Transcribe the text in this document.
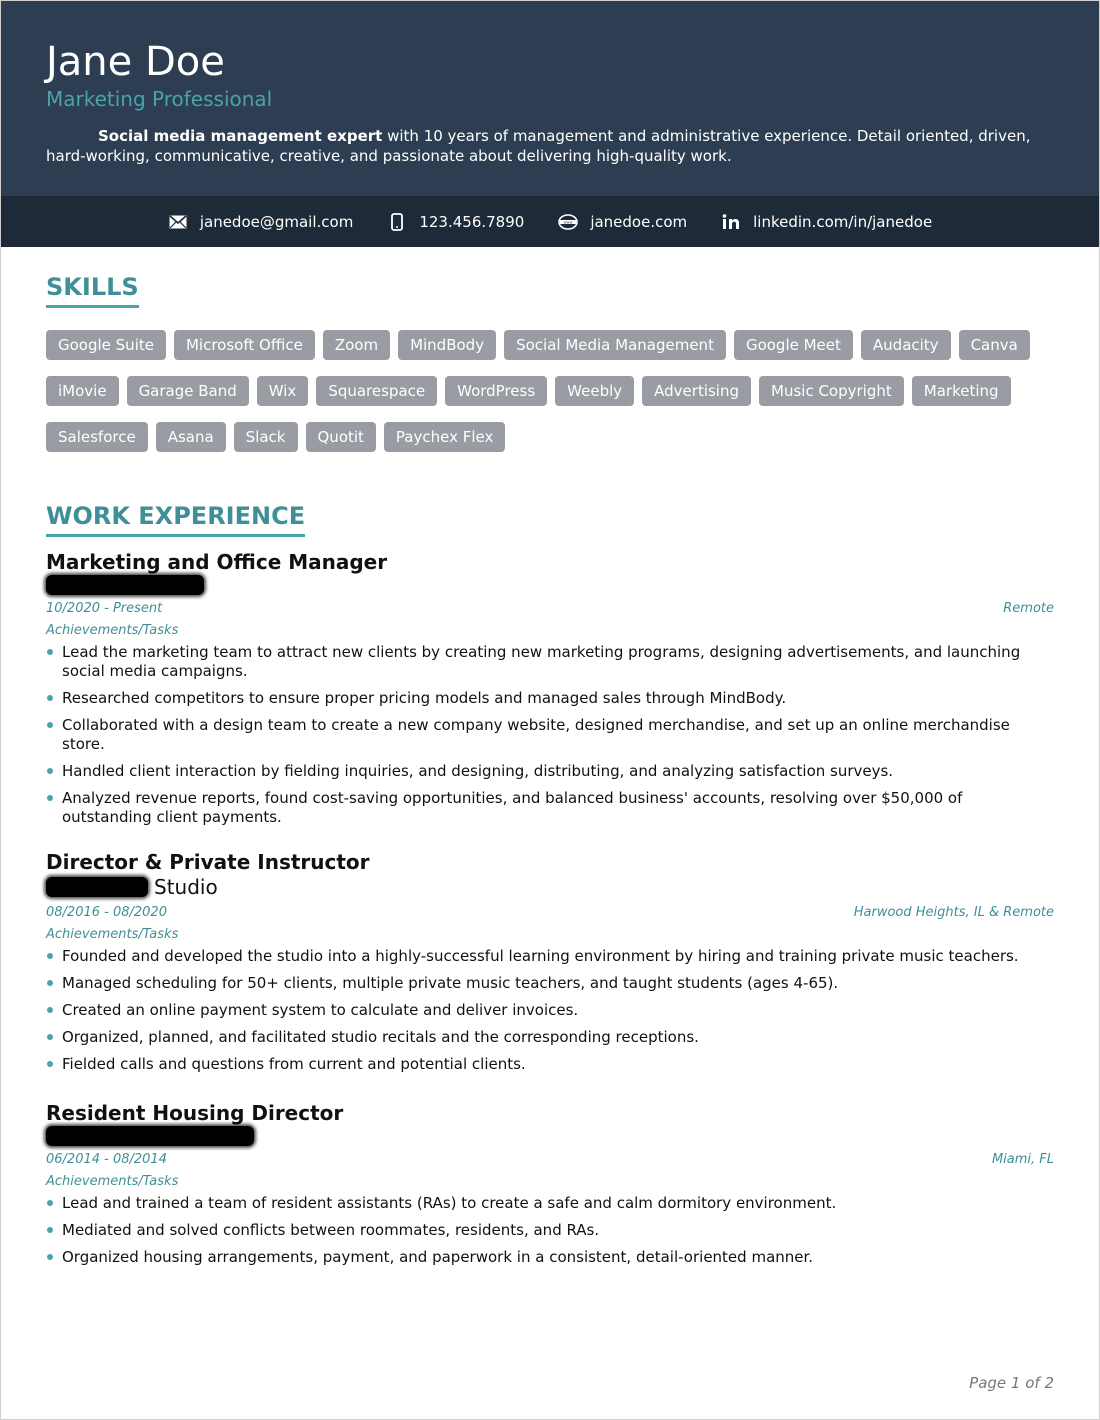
Jane Doe
Marketing Professional
Social media management expert with 10 years of management and administrative experience. Detail oriented, driven, hard-working, communicative, creative, and passionate about delivering high-quality work.
janedoe@gmail.com	123.456.7890	www janedoe.com	linkedin.com/in/janedoe
SKILLS
Google Suite	Microsoft Office	Zoom	MindBody	Social Media Management	Google Meet	Audacity	Canva
iMovie	Garage Band	Wix	Squarespace	WordPress	Weebly	Advertising	Music Copyright	Marketing
Salesforce	Asana	Slack	Quotit	Paychex Flex
WORK EXPERIENCE
Marketing and Office Manager
10/2020 - Present	Remote
Achievements/Tasks
Lead the marketing team to attract new clients by creating new marketing programs, designing advertisements, and launching social media campaigns.
Researched competitors to ensure proper pricing models and managed sales through MindBody.
Collaborated with a design team to create a new company website, designed merchandise, and set up an online merchandise store.
Handled client interaction by fielding inquiries, and designing, distributing, and analyzing satisfaction surveys.
Analyzed revenue reports, found cost-saving opportunities, and balanced business' accounts, resolving over $50,000 of outstanding client payments.
Director & Private Instructor
Studio
08/2016 - 08/2020	Harwood Heights, IL & Remote
Achievements/Tasks
Founded and developed the studio into a highly-successful learning environment by hiring and training private music teachers.
Managed scheduling for 50+ clients, multiple private music teachers, and taught students (ages 4-65).
Created an online payment system to calculate and deliver invoices.
Organized, planned, and facilitated studio recitals and the corresponding receptions.
Fielded calls and questions from current and potential clients.
Resident Housing Director
06/2014 - 08/2014	Miami, FL
Achievements/Tasks
Lead and trained a team of resident assistants (RAs) to create a safe and calm dormitory environment.
Mediated and solved conflicts between roommates, residents, and RAs.
Organized housing arrangements, payment, and paperwork in a consistent, detail-oriented manner.
Page 1 of 2
